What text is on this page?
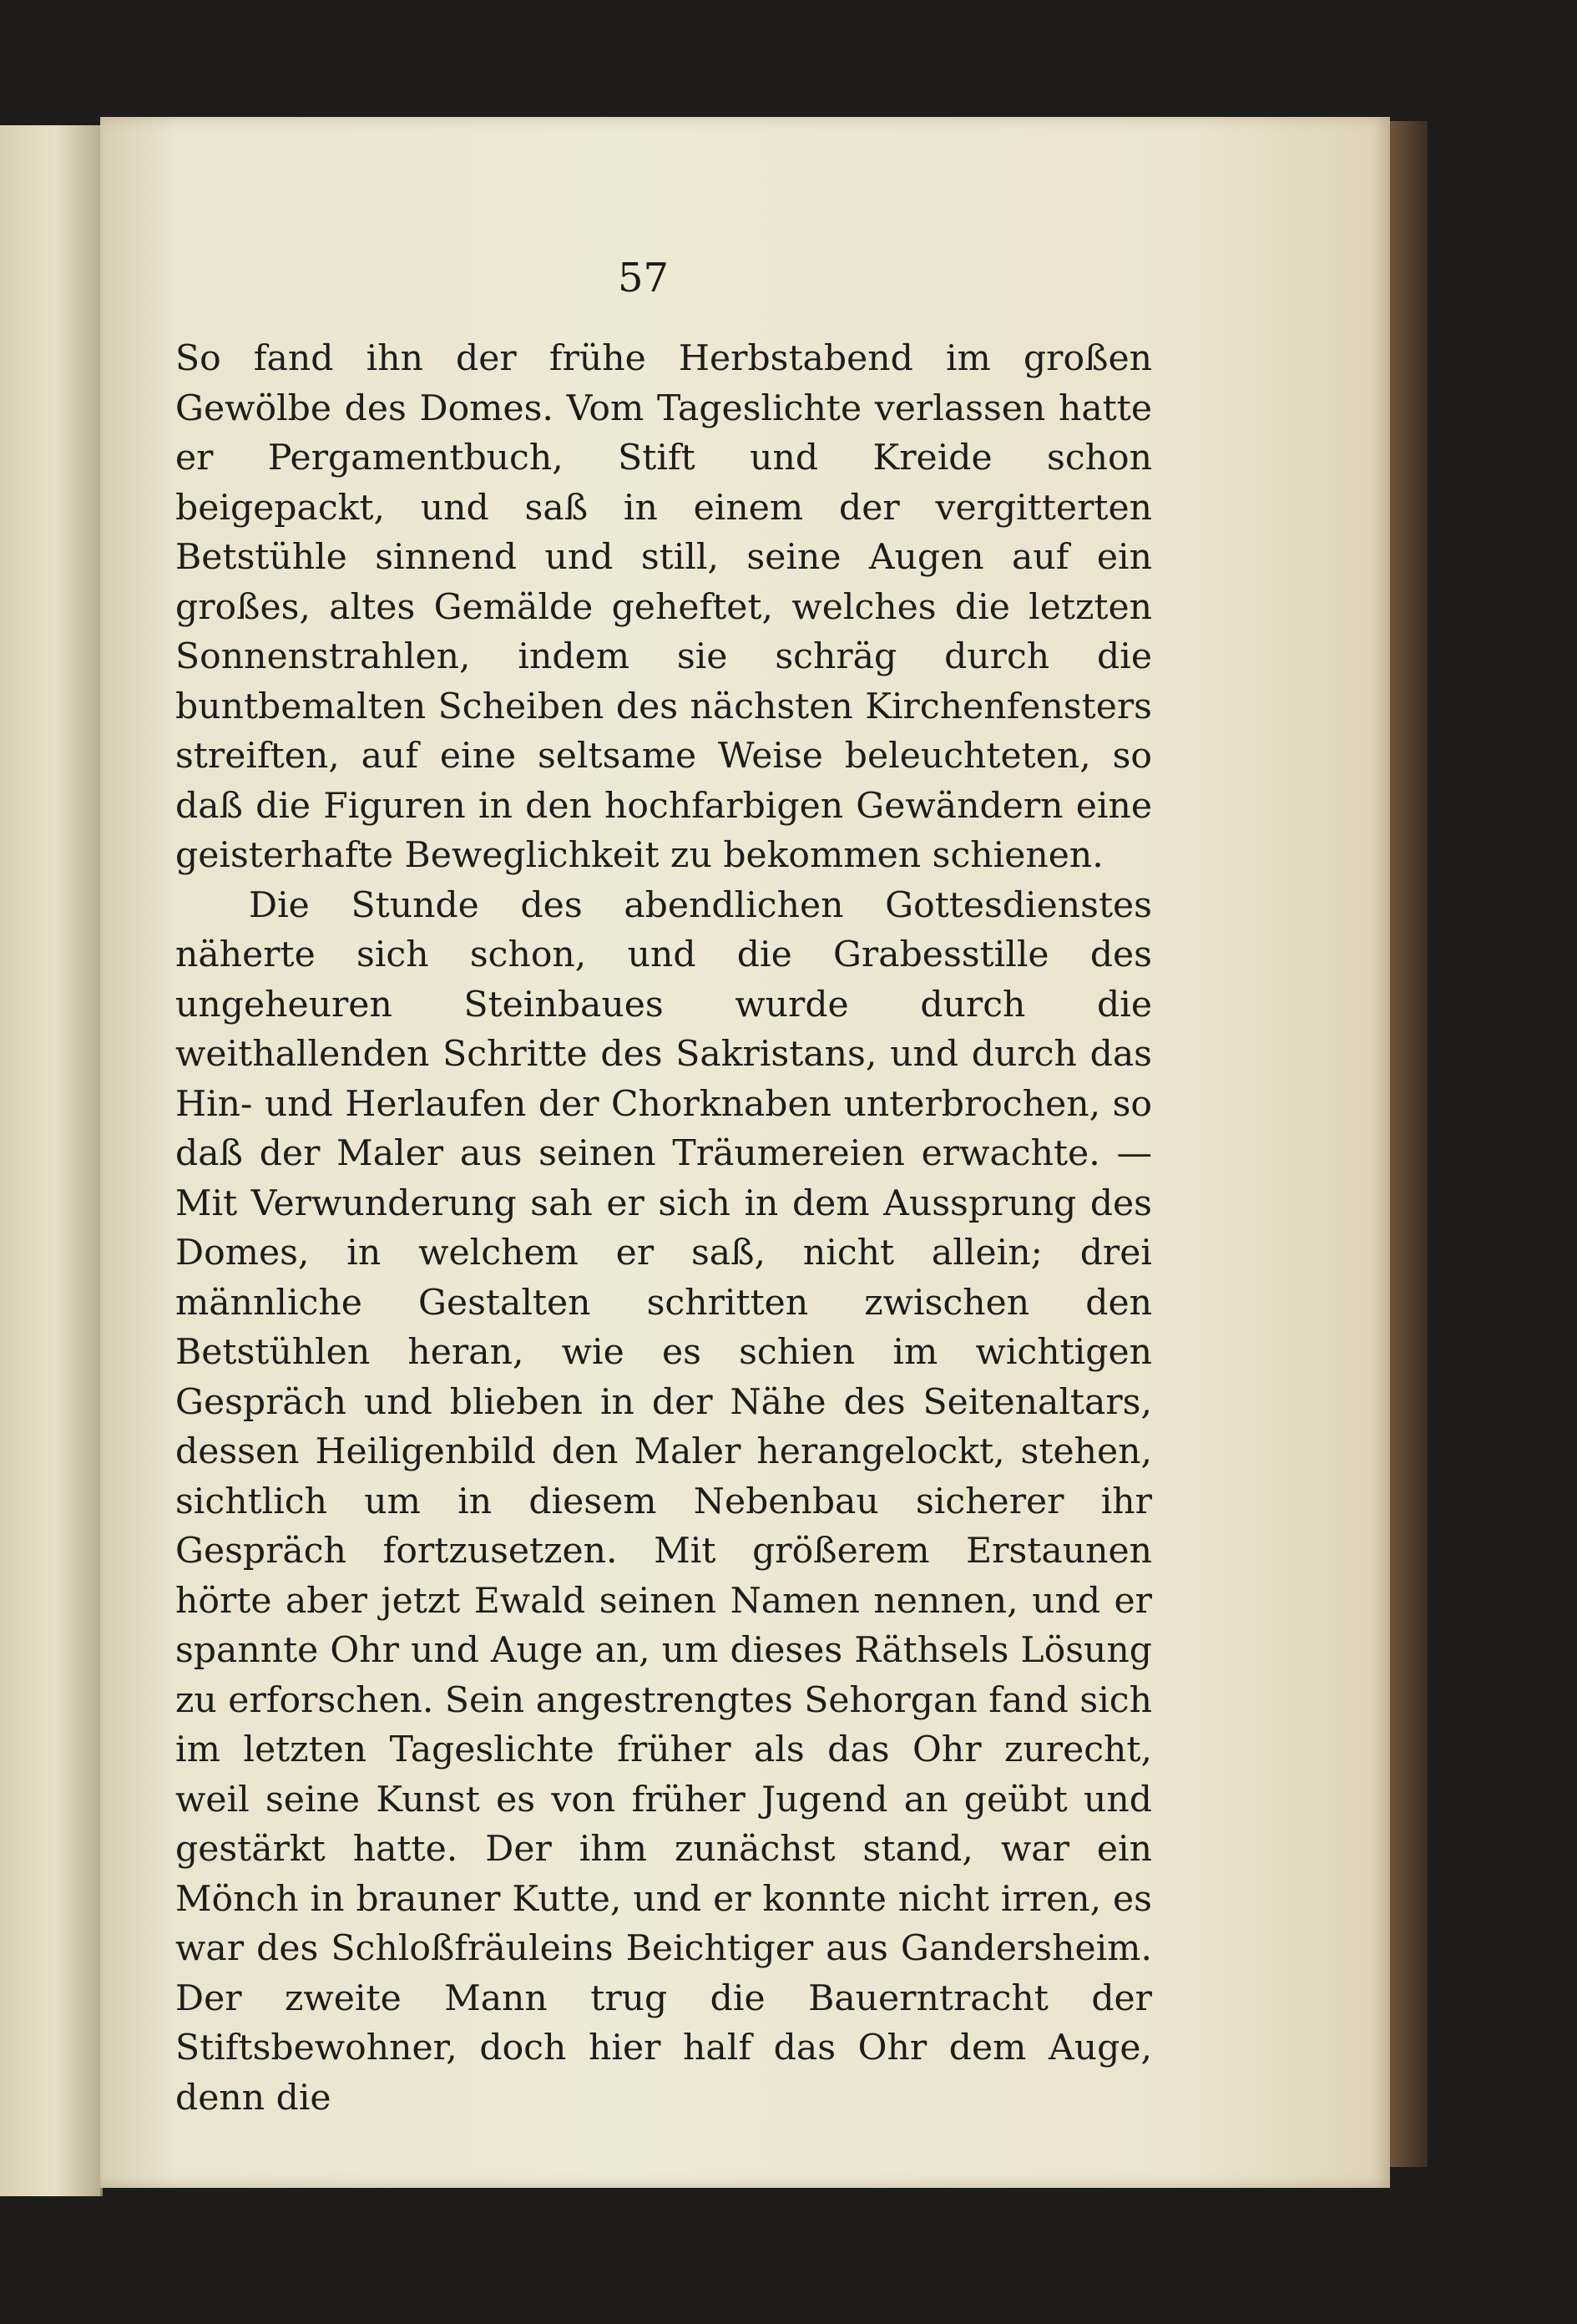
57

So fand ihn der frühe Herbstabend im großen Gewölbe des Domes. Vom Tageslichte verlassen hatte er Pergamentbuch, Stift und Kreide schon beigepackt, und saß in einem der vergitterten Betstühle sinnend und still, seine Augen auf ein großes, altes Gemälde geheftet, welches die letzten Sonnenstrahlen, indem sie schräg durch die buntbemalten Scheiben des nächsten Kirchenfensters streiften, auf eine seltsame Weise beleuchteten, so daß die Figuren in den hochfarbigen Gewändern eine geisterhafte Beweglichkeit zu bekommen schienen.

Die Stunde des abendlichen Gottesdienstes näherte sich schon, und die Grabesstille des ungeheuren Steinbaues wurde durch die weithallenden Schritte des Sakristans, und durch das Hin- und Herlaufen der Chorknaben unterbrochen, so daß der Maler aus seinen Träumereien erwachte. — Mit Verwunderung sah er sich in dem Aussprung des Domes, in welchem er saß, nicht allein; drei männliche Gestalten schritten zwischen den Betstühlen heran, wie es schien im wichtigen Gespräch und blieben in der Nähe des Seitenaltars, dessen Heiligenbild den Maler herangelockt, stehen, sichtlich um in diesem Nebenbau sicherer ihr Gespräch fortzusetzen. Mit größerem Erstaunen hörte aber jetzt Ewald seinen Namen nennen, und er spannte Ohr und Auge an, um dieses Räthsels Lösung zu erforschen. Sein angestrengtes Sehorgan fand sich im letzten Tageslichte früher als das Ohr zurecht, weil seine Kunst es von früher Jugend an geübt und gestärkt hatte. Der ihm zunächst stand, war ein Mönch in brauner Kutte, und er konnte nicht irren, es war des Schloßfräuleins Beichtiger aus Gandersheim. Der zweite Mann trug die Bauerntracht der Stiftsbewohner, doch hier half das Ohr dem Auge, denn die
